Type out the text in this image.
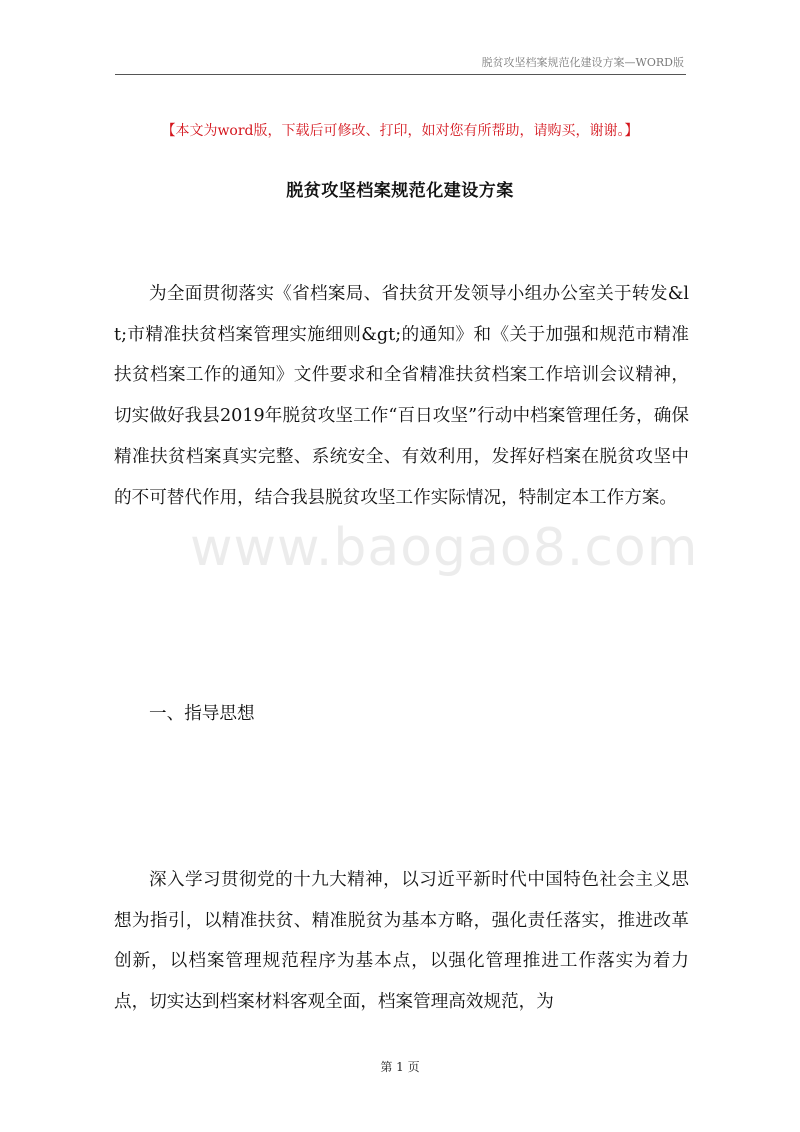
脱贫攻坚档案规范化建设方案—WORD版
【本文为word版，下载后可修改、打印，如对您有所帮助，请购买，谢谢。】
脱贫攻坚档案规范化建设方案

为全面贯彻落实《省档案局、省扶贫开发领导小组办公室关于转发&lt;市精准扶贫档案管理实施细则&gt;的通知》和《关于加强和规范市精准扶贫档案工作的通知》文件要求和全省精准扶贫档案工作培训会议精神，切实做好我县2019年脱贫攻坚工作“百日攻坚”行动中档案管理任务，确保精准扶贫档案真实完整、系统安全、有效利用，发挥好档案在脱贫攻坚中的不可替代作用，结合我县脱贫攻坚工作实际情况，特制定本工作方案。

www.baogao8.com

一、指导思想

深入学习贯彻党的十九大精神，以习近平新时代中国特色社会主义思想为指引，以精准扶贫、精准脱贫为基本方略，强化责任落实，推进改革创新，以档案管理规范程序为基本点，以强化管理推进工作落实为着力点，切实达到档案材料客观全面，档案管理高效规范，为

第 1 页
